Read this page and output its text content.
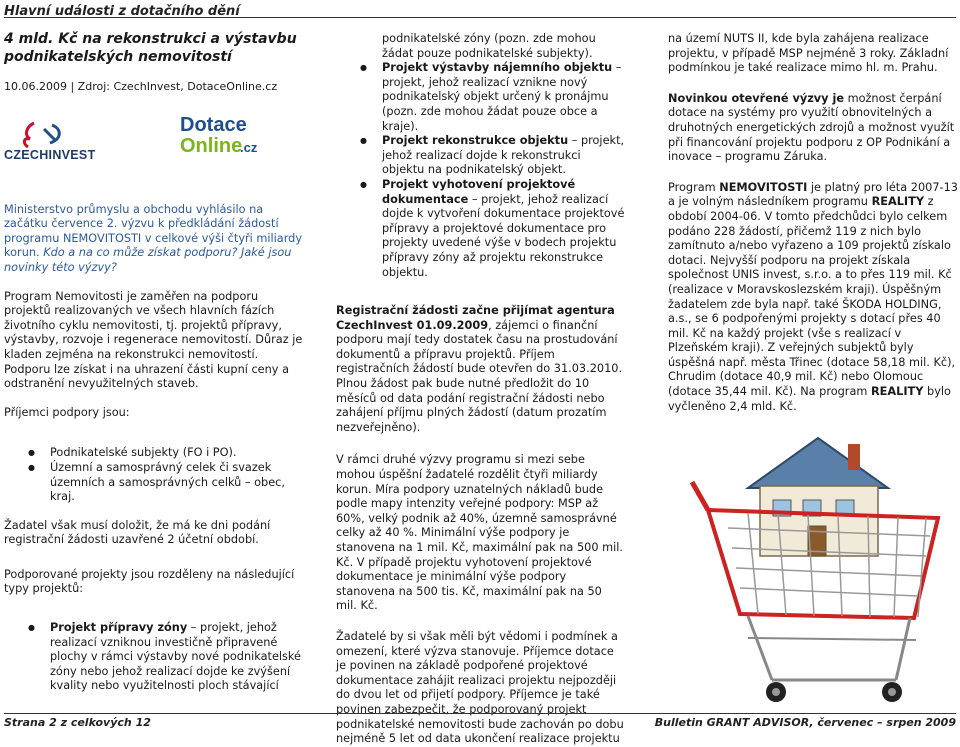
Hlavní události z dotačního dění
4 mld. Kč na rekonstrukci a výstavbu podnikatelských nemovitostí
10.06.2009 | Zdroj: CzechInvest, DotaceOnline.cz
CZECHINVEST
Dotace
Online
.cz
Ministerstvo průmyslu a obchodu vyhlásilo na začátku července 2. výzvu k předkládání žádostí programu NEMOVITOSTI v celkové výši čtyři miliardy korun. Kdo a na co může získat podporu? Jaké jsou novinky této výzvy?

Program Nemovitosti je zaměřen na podporu projektů realizovaných ve všech hlavních fázích životního cyklu nemovitosti, tj. projektů přípravy, výstavby, rozvoje i regenerace nemovitostí. Důraz je kladen zejména na rekonstrukci nemovitostí. Podporu lze získat i na uhrazení části kupní ceny a odstranění nevyužitelných staveb.

Příjemci podpory jsou:

● Podnikatelské subjekty (FO i PO).
● Územní a samosprávný celek či svazek územních a samosprávných celků – obec, kraj.

Žadatel však musí doložit, že má ke dni podání registrační žádosti uzavřené 2 účetní období.

Podporované projekty jsou rozděleny na následující typy projektů:

● Projekt přípravy zóny – projekt, jehož realizací vzniknou investičně připravené plochy v rámci výstavby nové podnikatelské zóny nebo jehož realizací dojde ke zvýšení kvality nebo využitelnosti ploch stávající
podnikatelské zóny (pozn. zde mohou žádat pouze podnikatelské subjekty).
● Projekt výstavby nájemního objektu – projekt, jehož realizací vznikne nový podnikatelský objekt určený k pronájmu (pozn. zde mohou žádat pouze obce a kraje).
● Projekt rekonstrukce objektu – projekt, jehož realizací dojde k rekonstrukci objektu na podnikatelský objekt.
● Projekt vyhotovení projektové dokumentace – projekt, jehož realizací dojde k vytvoření dokumentace projektové přípravy a projektové dokumentace pro projekty uvedené výše v bodech projektu přípravy zóny až projektu rekonstrukce objektu.

Registrační žádosti začne přijímat agentura CzechInvest 01.09.2009, zájemci o finanční podporu mají tedy dostatek času na prostudování dokumentů a přípravu projektů. Příjem registračních žádostí bude otevřen do 31.03.2010. Plnou žádost pak bude nutné předložit do 10 měsíců od data podání registrační žádosti nebo zahájení příjmu plných žádostí (datum prozatím nezveřejněno).

V rámci druhé výzvy programu si mezi sebe mohou úspěšní žadatelé rozdělit čtyři miliardy korun. Míra podpory uznatelných nákladů bude podle mapy intenzity veřejné podpory: MSP až 60%, velký podnik až 40%, územně samosprávné celky až 40 %. Minimální výše podpory je stanovena na 1 mil. Kč, maximální pak na 500 mil. Kč. V případě projektu vyhotovení projektové dokumentace je minimální výše podpory stanovena na 500 tis. Kč, maximální pak na 50 mil. Kč.

Žadatelé by si však měli být vědomi i podmínek a omezení, které výzva stanovuje. Příjemce dotace je povinen na základě podpořené projektové dokumentace zahájit realizaci projektu nejpozději do dvou let od přijetí podpory. Příjemce je také povinen zabezpečit, že podporovaný projekt podnikatelské nemovitosti bude zachován po dobu nejméně 5 let od data ukončení realizace projektu

na území NUTS II, kde byla zahájena realizace projektu, v případě MSP nejméně 3 roky. Základní podmínkou je také realizace mimo hl. m. Prahu.

Novinkou otevřené výzvy je možnost čerpání dotace na systémy pro využití obnovitelných a druhotných energetických zdrojů a možnost využít při financování projektu podporu z OP Podnikání a inovace – programu Záruka.

Program NEMOVITOSTI je platný pro léta 2007-13 a je volným následníkem programu REALITY z období 2004-06. V tomto předchůdci bylo celkem podáno 228 žádostí, přičemž 119 z nich bylo zamítnuto a/nebo vyřazeno a 109 projektů získalo dotaci. Nejvyšší podporu na projekt získala společnost UNIS invest, s.r.o. a to přes 119 mil. Kč (realizace v Moravskoslezském kraji). Úspěšným žadatelem zde byla např. také ŠKODA HOLDING, a.s., se 6 podpořenými projekty s dotací přes 40 mil. Kč na každý projekt (vše s realizací v Plzeňském kraji). Z veřejných subjektů byly úspěšná např. města Třinec (dotace 58,18 mil. Kč), Chrudim (dotace 40,9 mil. Kč) nebo Olomouc (dotace 35,44 mil. Kč). Na program REALITY bylo vyčleněno 2,4 mld. Kč.

Strana 2 z celkových 12	Bulletin GRANT ADVISOR, červenec – srpen 2009
